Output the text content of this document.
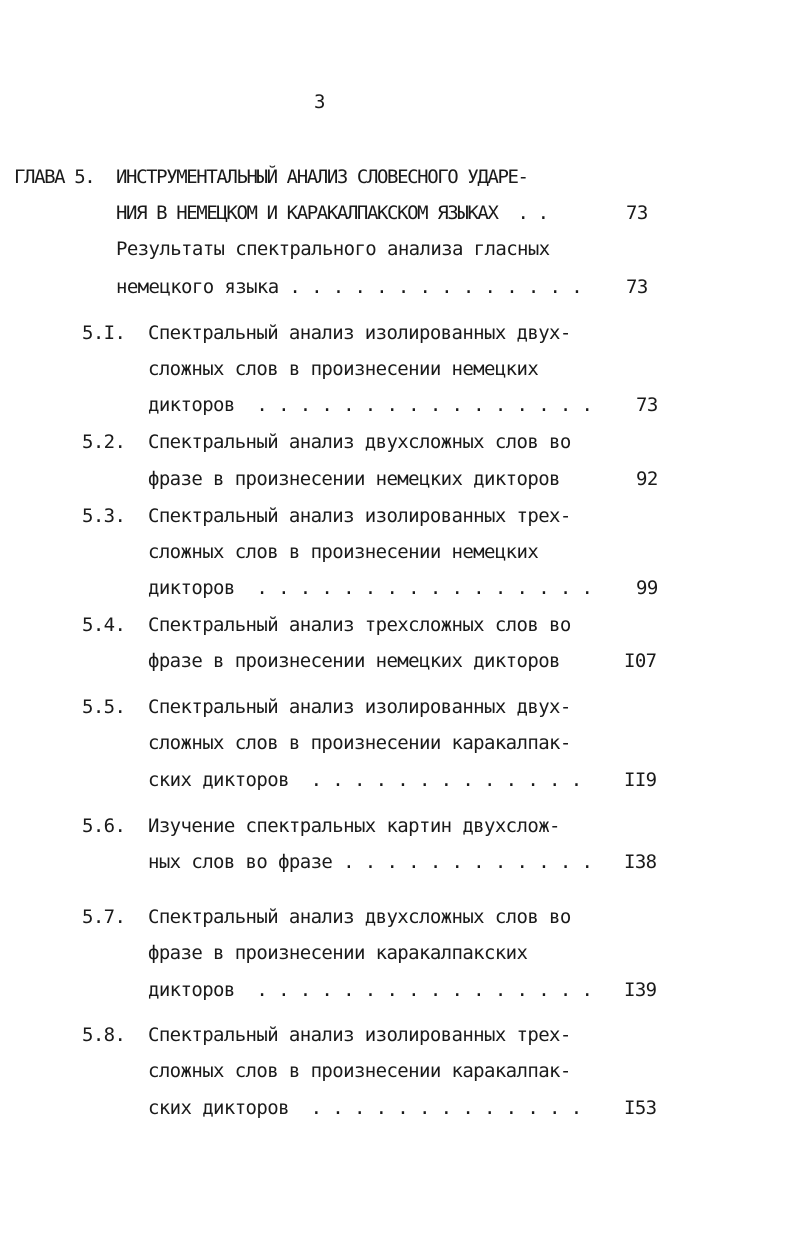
3
ГЛАВА 5. ИНСТРУМЕНТАЛЬНЫЙ АНАЛИЗ СЛОВЕСНОГО УДАРЕ-
НИЯ В НЕМЕЦКОМ И КАРАКАЛПАКСКОМ ЯЗЫКАХ  . .	73
Результаты спектрального анализа гласных
немецкого языка . . . . . . . . . . . . . . 73
5.I. Спектральный анализ изолированных двух-
сложных слов в произнесении немецких
дикторов  . . . . . . . . . . . . . . . . 73
5.2. Спектральный анализ двухсложных слов во
фразе в произнесении немецких дикторов	92
5.3. Спектральный анализ изолированных трех-
сложных слов в произнесении немецких
дикторов  . . . . . . . . . . . . . . . . 99
5.4. Спектральный анализ трехсложных слов во
фразе в произнесении немецких дикторов	I07
5.5. Спектральный анализ изолированных двух-
сложных слов в произнесении каракалпак-
ских дикторов  . . . . . . . . . . . . . II9
5.6. Изучение спектральных картин двухслож-
ных слов во фразе . . . . . . . . . . . . I38
5.7. Спектральный анализ двухсложных слов во
фразе в произнесении каракалпакских
дикторов  . . . . . . . . . . . . . . . . I39
5.8. Спектральный анализ изолированных трех-
сложных слов в произнесении каракалпак-
ских дикторов  . . . . . . . . . . . . . I53
